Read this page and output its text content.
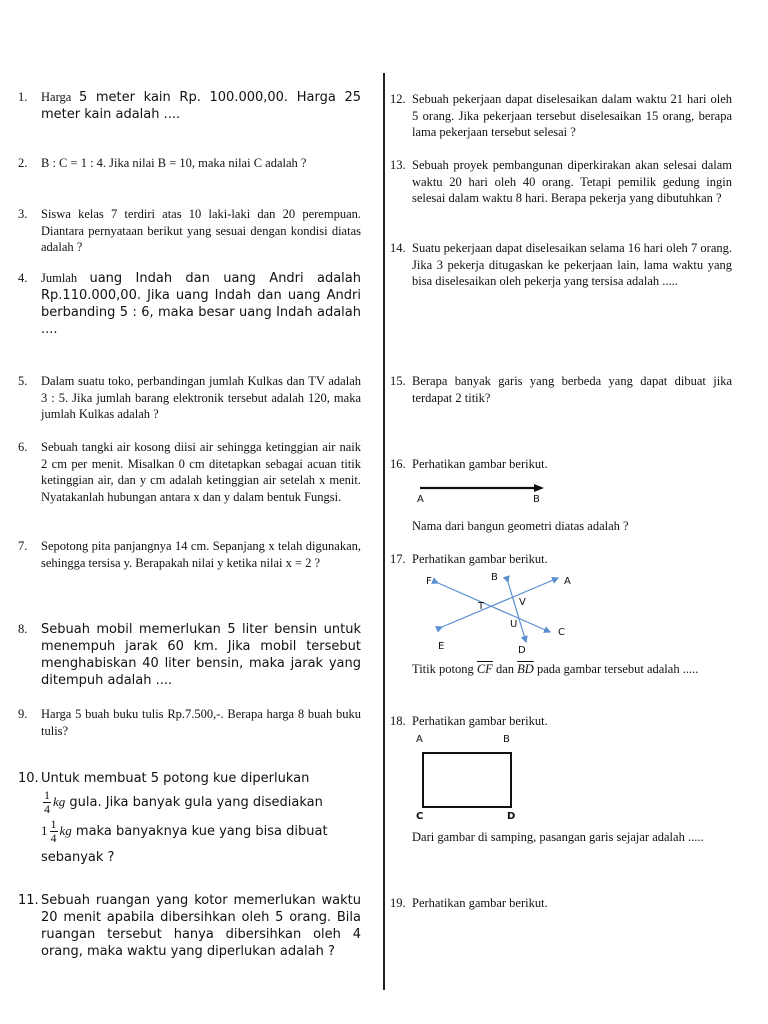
1.	Harga 5 meter kain Rp. 100.000,00. Harga 25 meter kain adalah ....
2.	B : C = 1 : 4. Jika nilai B = 10, maka nilai C adalah ?
3.	Siswa kelas 7 terdiri atas 10 laki-laki dan 20 perempuan. Diantara pernyataan berikut yang sesuai dengan kondisi diatas adalah ?
4.	Jumlah uang Indah dan uang Andri adalah Rp.110.000,00. Jika uang Indah dan uang Andri berbanding 5 : 6, maka besar uang Indah adalah ....
5.	Dalam suatu toko, perbandingan jumlah Kulkas dan TV adalah 3 : 5. Jika jumlah barang elektronik tersebut adalah 120, maka jumlah Kulkas adalah ?
6.	Sebuah tangki air kosong diisi air sehingga ketinggian air naik 2 cm per menit. Misalkan 0 cm ditetapkan sebagai acuan titik ketinggian air, dan y cm adalah ketinggian air setelah x menit. Nyatakanlah hubungan antara x dan y dalam bentuk Fungsi.
7.	Sepotong pita panjangnya 14 cm. Sepanjang x telah digunakan, sehingga tersisa y. Berapakah nilai y ketika nilai x = 2 ?
8.	Sebuah mobil memerlukan 5 liter bensin untuk menempuh jarak 60 km. Jika mobil tersebut menghabiskan 40 liter bensin, maka jarak yang ditempuh adalah ....
9.	Harga 5 buah buku tulis Rp.7.500,-. Berapa harga 8 buah buku tulis?
10. Untuk membuat 5 potong kue diperlukan

$\frac{1}{4}$ kg gula. Jika banyak gula yang disediakan

$1 \frac{1}{4}$ kg maka banyaknya kue yang bisa dibuat

sebanyak ?

11. Sebuah ruangan yang kotor memerlukan waktu 20 menit apabila dibersihkan oleh 5 orang. Bila ruangan tersebut hanya dibersihkan oleh 4 orang, maka waktu yang diperlukan adalah ?
12. Sebuah pekerjaan dapat diselesaikan dalam waktu 21 hari oleh 5 orang. Jika pekerjaan tersebut diselesaikan 15 orang, berapa lama pekerjaan tersebut selesai ?
13. Sebuah proyek pembangunan diperkirakan akan selesai dalam waktu 20 hari oleh 40 orang. Tetapi pemilik gedung ingin selesai dalam waktu 8 hari. Berapa pekerja yang dibutuhkan ?
14. Suatu pekerjaan dapat diselesaikan selama 16 hari oleh 7 orang. Jika 3 pekerja ditugaskan ke pekerjaan lain, lama waktu yang bisa diselesaikan oleh pekerja yang tersisa adalah .....
15. Berapa banyak garis yang berbeda yang dapat dibuat jika terdapat 2 titik?
16. Perhatikan gambar berikut.
A	B
Nama dari bangun geometri diatas adalah ?
17. Perhatikan gambar berikut.
F	B	A
T	V
U
C
E	D
Titik potong $\overline{CF}$ dan $\overline{BD}$ pada gambar tersebut adalah .....
18. Perhatikan gambar berikut.
A	B
C	D
Dari gambar di samping, pasangan garis sejajar adalah .....
19. Perhatikan gambar berikut.
